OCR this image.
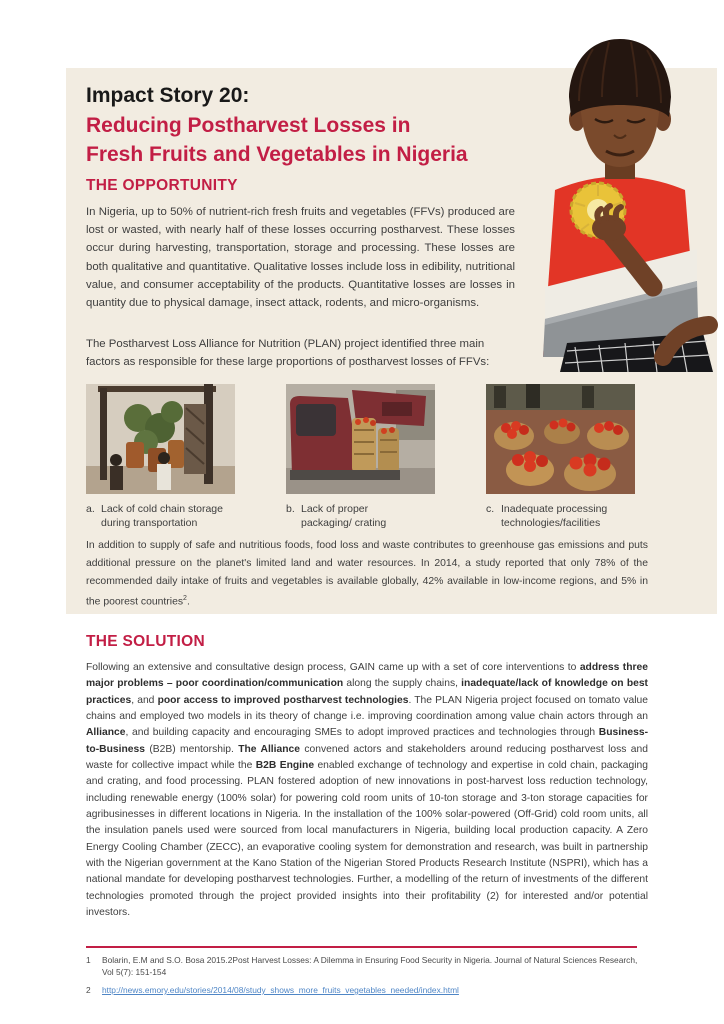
Impact Story 20:
Reducing Postharvest Losses in
Fresh Fruits and Vegetables in Nigeria
THE OPPORTUNITY
In Nigeria, up to 50% of nutrient-rich fresh fruits and vegetables (FFVs) produced are lost or wasted, with nearly half of these losses occurring postharvest. These losses occur during harvesting, transportation, storage and processing. These losses are both qualitative and quantitative. Qualitative losses include loss in edibility, nutritional value, and consumer acceptability of the products. Quantitative losses are losses in quantity due to physical damage, insect attack, rodents, and micro-organisms.
The Postharvest Loss Alliance for Nutrition (PLAN) project identified three main factors as responsible for these large proportions of postharvest losses of FFVs:
a. Lack of cold chain storage during transportation
b. Lack of proper packaging/ crating
c. Inadequate processing technologies/facilities
In addition to supply of safe and nutritious foods, food loss and waste contributes to greenhouse gas emissions and puts additional pressure on the planet's limited land and water resources. In 2014, a study reported that only 78% of the recommended daily intake of fruits and vegetables is available globally, 42% available in low-income regions, and 5% in the poorest countries$^2$.
THE SOLUTION
Following an extensive and consultative design process, GAIN came up with a set of core interventions to address three major problems – poor coordination/communication along the supply chains, inadequate/lack of knowledge on best practices, and poor access to improved postharvest technologies. The PLAN Nigeria project focused on tomato value chains and employed two models in its theory of change i.e. improving coordination among value chain actors through an Alliance, and building capacity and encouraging SMEs to adopt improved practices and technologies through Business-to-Business (B2B) mentorship. The Alliance convened actors and stakeholders around reducing postharvest loss and waste for collective impact while the B2B Engine enabled exchange of technology and expertise in cold chain, packaging and crating, and food processing. PLAN fostered adoption of new innovations in post-harvest loss reduction technology, including renewable energy (100% solar) for powering cold room units of 10-ton storage and 3-ton storage capacities for agribusinesses in different locations in Nigeria. In the installation of the 100% solar-powered (Off-Grid) cold room units, all the insulation panels used were sourced from local manufacturers in Nigeria, building local production capacity. A Zero Energy Cooling Chamber (ZECC), an evaporative cooling system for demonstration and research, was built in partnership with the Nigerian government at the Kano Station of the Nigerian Stored Products Research Institute (NSPRI), which has a national mandate for developing postharvest technologies. Further, a modelling of the return of investments of the different technologies promoted through the project provided insights into their profitability (2) for interested and/or potential investors.
1	Bolarin, E.M and S.O. Bosa 2015.2Post Harvest Losses: A Dilemma in Ensuring Food Security in Nigeria. Journal of Natural Sciences Research, Vol 5(7): 151-154
2	http://news.emory.edu/stories/2014/08/study_shows_more_fruits_vegetables_needed/index.html
